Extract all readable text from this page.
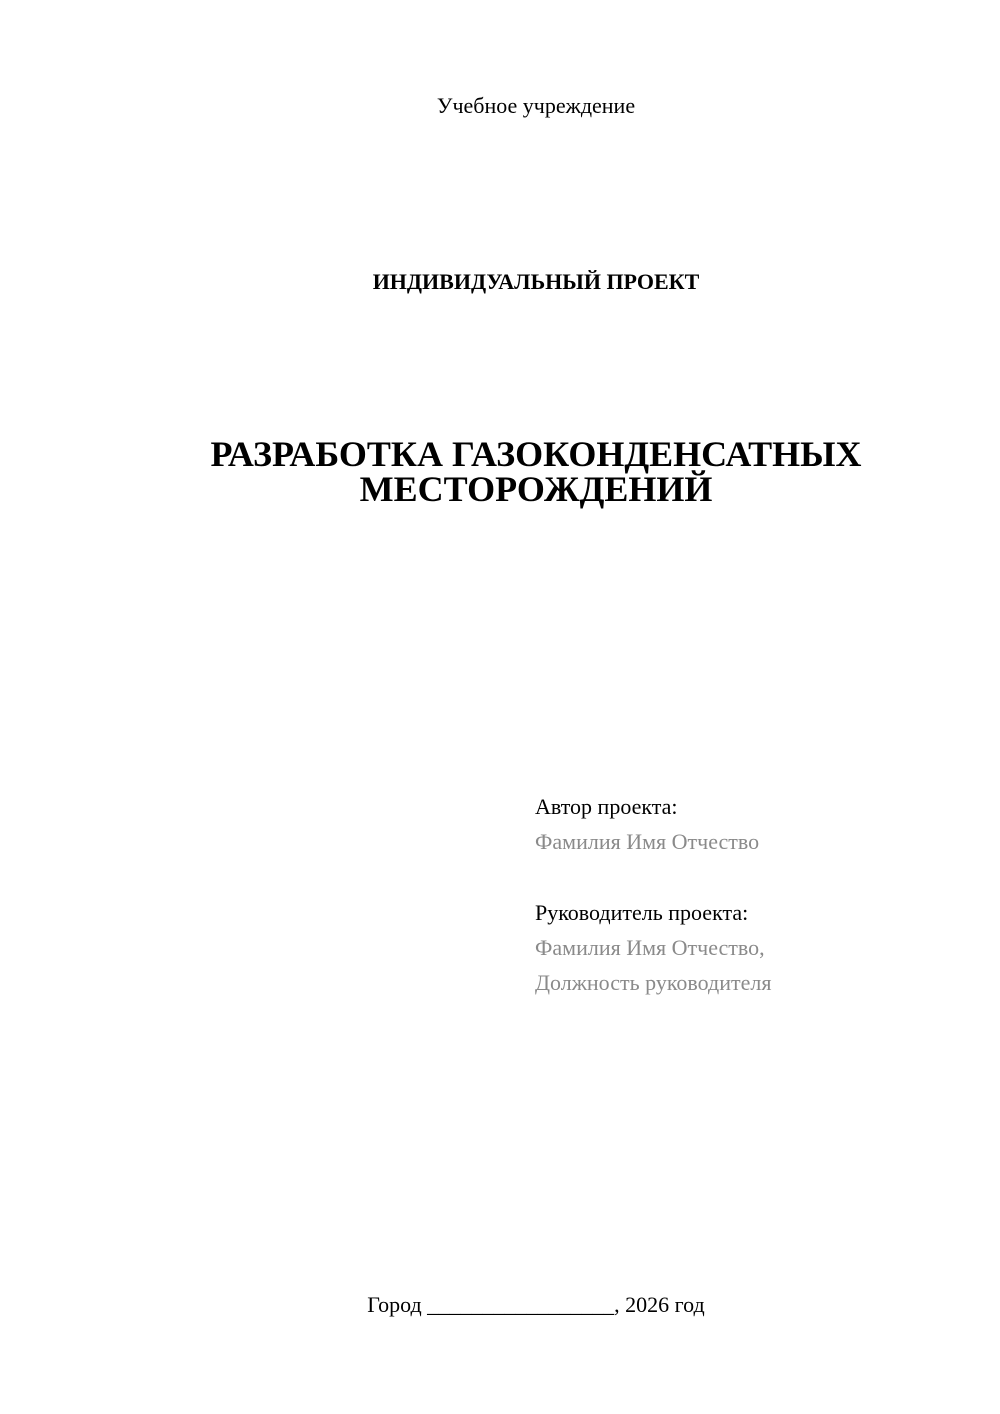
Учебное учреждение
ИНДИВИДУАЛЬНЫЙ ПРОЕКТ
РАЗРАБОТКА ГАЗОКОНДЕНСАТНЫХ
МЕСТОРОЖДЕНИЙ
Автор проекта:
Фамилия Имя Отчество
Руководитель проекта:
Фамилия Имя Отчество,
Должность руководителя
Город _________________, 2026 год
